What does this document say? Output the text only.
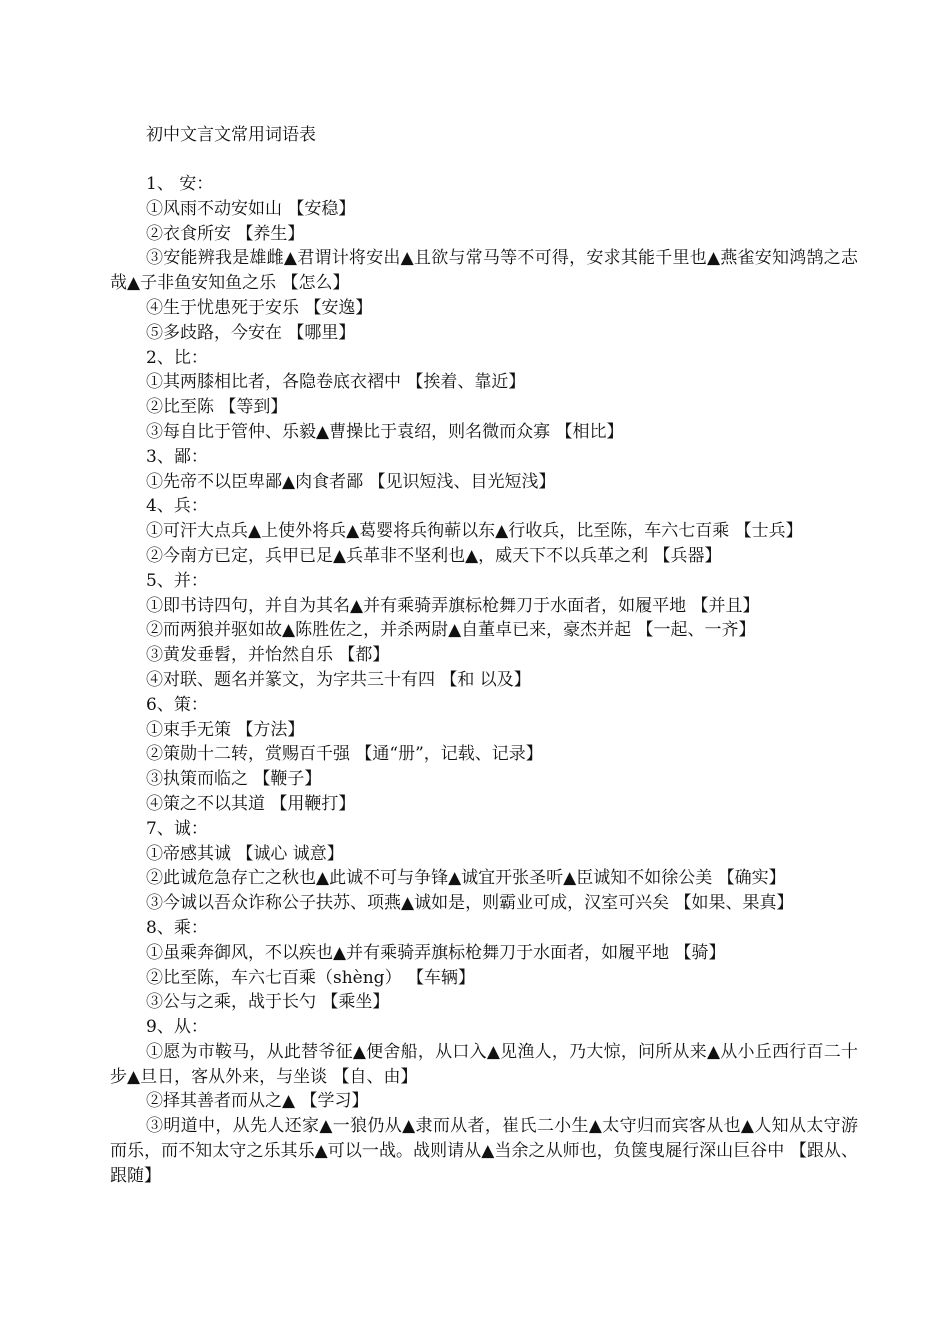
初中文言文常用词语表

1、 安：

①风雨不动安如山 【安稳】

②衣食所安 【养生】

③安能辨我是雄雌▲君谓计将安出▲且欲与常马等不可得，安求其能千里也▲燕雀安知鸿鹄之志哉▲子非鱼安知鱼之乐 【怎么】

④生于忧患死于安乐 【安逸】

⑤多歧路，今安在 【哪里】

2、比：

①其两膝相比者，各隐卷底衣褶中 【挨着、靠近】

②比至陈 【等到】

③每自比于管仲、乐毅▲曹操比于袁绍，则名微而众寡 【相比】

3、鄙：

①先帝不以臣卑鄙▲肉食者鄙 【见识短浅、目光短浅】

4、兵：

①可汗大点兵▲上使外将兵▲葛婴将兵徇蕲以东▲行收兵，比至陈，车六七百乘 【士兵】

②今南方已定，兵甲已足▲兵革非不坚利也▲，威天下不以兵革之利 【兵器】

5、并：

①即书诗四句，并自为其名▲并有乘骑弄旗标枪舞刀于水面者，如履平地 【并且】

②而两狼并驱如故▲陈胜佐之，并杀两尉▲自董卓已来，豪杰并起 【一起、一齐】

③黄发垂髫，并怡然自乐 【都】

④对联、题名并篆文，为字共三十有四 【和 以及】

6、策：

①束手无策 【方法】

②策勋十二转，赏赐百千强 【通“册”，记载、记录】

③执策而临之 【鞭子】

④策之不以其道 【用鞭打】

7、诚：

①帝感其诚 【诚心 诚意】

②此诚危急存亡之秋也▲此诚不可与争锋▲诚宜开张圣听▲臣诚知不如徐公美 【确实】

③今诚以吾众诈称公子扶苏、项燕▲诚如是，则霸业可成，汉室可兴矣 【如果、果真】

8、乘：

①虽乘奔御风，不以疾也▲并有乘骑弄旗标枪舞刀于水面者，如履平地 【骑】

②比至陈，车六七百乘（shèng） 【车辆】

③公与之乘，战于长勺 【乘坐】

9、从：

①愿为市鞍马，从此替爷征▲便舍船，从口入▲见渔人，乃大惊，问所从来▲从小丘西行百二十步▲旦日，客从外来，与坐谈 【自、由】

②择其善者而从之▲ 【学习】

③明道中，从先人还家▲一狼仍从▲隶而从者，崔氏二小生▲太守归而宾客从也▲人知从太守游而乐，而不知太守之乐其乐▲可以一战。战则请从▲当余之从师也，负箧曳屣行深山巨谷中 【跟从、跟随】
